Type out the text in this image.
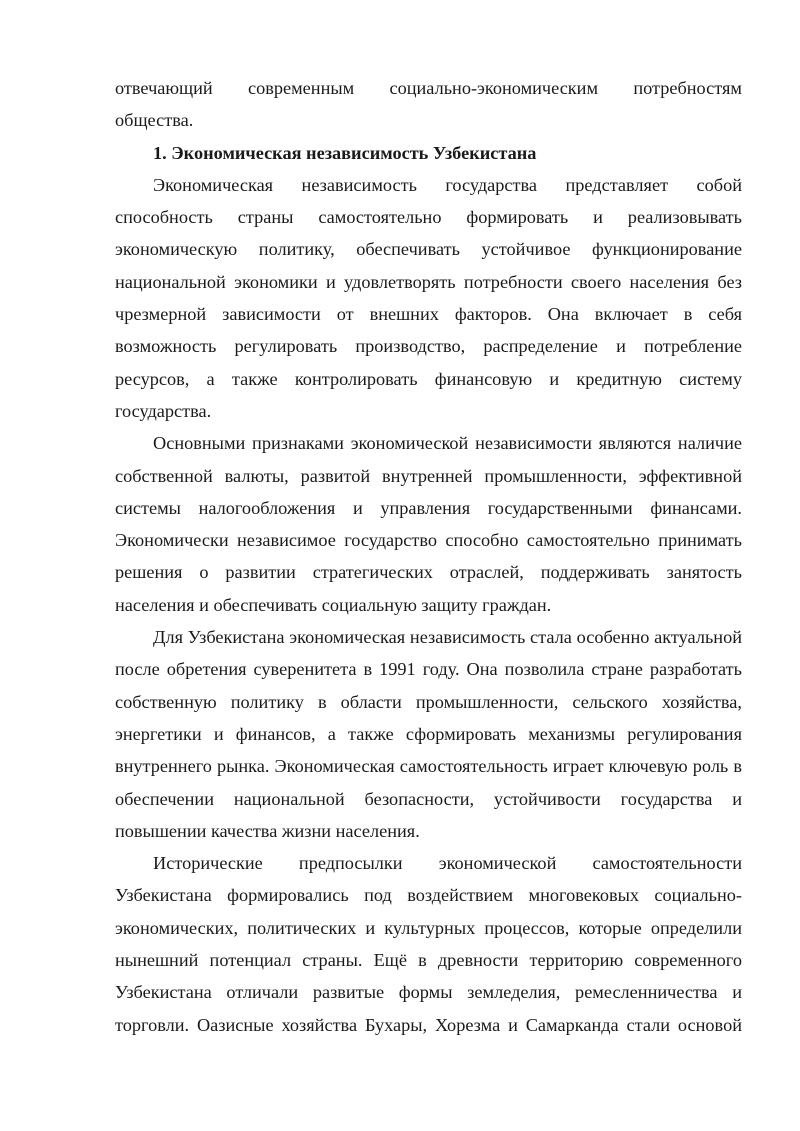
отвечающий современным социально-экономическим потребностям

общества.

1. Экономическая независимость Узбекистана

Экономическая независимость государства представляет собой способность страны самостоятельно формировать и реализовывать экономическую политику, обеспечивать устойчивое функционирование национальной экономики и удовлетворять потребности своего населения без чрезмерной зависимости от внешних факторов. Она включает в себя возможность регулировать производство, распределение и потребление ресурсов, а также контролировать финансовую и кредитную систему государства.

Основными признаками экономической независимости являются наличие собственной валюты, развитой внутренней промышленности, эффективной системы налогообложения и управления государственными финансами. Экономически независимое государство способно самостоятельно принимать решения о развитии стратегических отраслей, поддерживать занятость населения и обеспечивать социальную защиту граждан.

Для Узбекистана экономическая независимость стала особенно актуальной после обретения суверенитета в 1991 году. Она позволила стране разработать собственную политику в области промышленности, сельского хозяйства, энергетики и финансов, а также сформировать механизмы регулирования внутреннего рынка. Экономическая самостоятельность играет ключевую роль в обеспечении национальной безопасности, устойчивости государства и повышении качества жизни населения.

Исторические предпосылки экономической самостоятельности Узбекистана формировались под воздействием многовековых социально-экономических, политических и культурных процессов, которые определили нынешний потенциал страны. Ещё в древности территорию современного Узбекистана отличали развитые формы земледелия, ремесленничества и торговли. Оазисные хозяйства Бухары, Хорезма и Самарканда стали основой
